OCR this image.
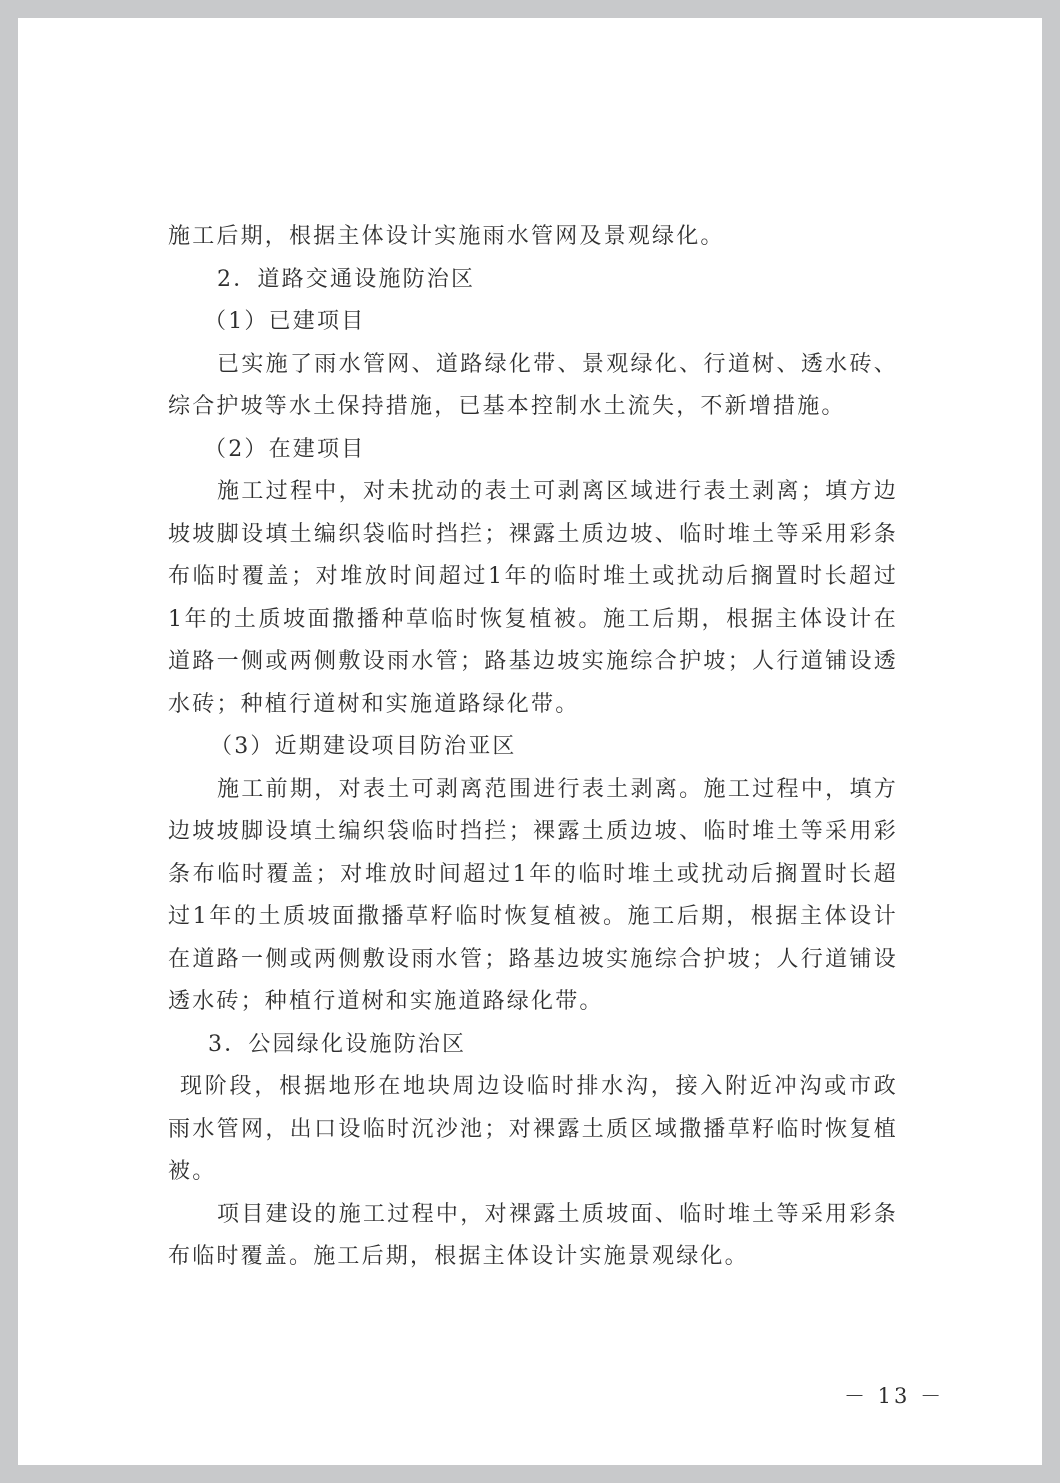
施工后期，根据主体设计实施雨水管网及景观绿化。

2．道路交通设施防治区

（1）已建项目

已实施了雨水管网、道路绿化带、景观绿化、行道树、透水砖、综合护坡等水土保持措施，已基本控制水土流失，不新增措施。

（2）在建项目

施工过程中，对未扰动的表土可剥离区域进行表土剥离；填方边坡坡脚设填土编织袋临时挡拦；裸露土质边坡、临时堆土等采用彩条布临时覆盖；对堆放时间超过1年的临时堆土或扰动后搁置时长超过1年的土质坡面撒播种草临时恢复植被。施工后期，根据主体设计在道路一侧或两侧敷设雨水管；路基边坡实施综合护坡；人行道铺设透水砖；种植行道树和实施道路绿化带。

（3）近期建设项目防治亚区

施工前期，对表土可剥离范围进行表土剥离。施工过程中，填方边坡坡脚设填土编织袋临时挡拦；裸露土质边坡、临时堆土等采用彩条布临时覆盖；对堆放时间超过1年的临时堆土或扰动后搁置时长超过1年的土质坡面撒播草籽临时恢复植被。施工后期，根据主体设计在道路一侧或两侧敷设雨水管；路基边坡实施综合护坡；人行道铺设透水砖；种植行道树和实施道路绿化带。

3．公园绿化设施防治区

现阶段，根据地形在地块周边设临时排水沟，接入附近冲沟或市政雨水管网，出口设临时沉沙池；对裸露土质区域撒播草籽临时恢复植被。

项目建设的施工过程中，对裸露土质坡面、临时堆土等采用彩条布临时覆盖。施工后期，根据主体设计实施景观绿化。

－ 13 －
